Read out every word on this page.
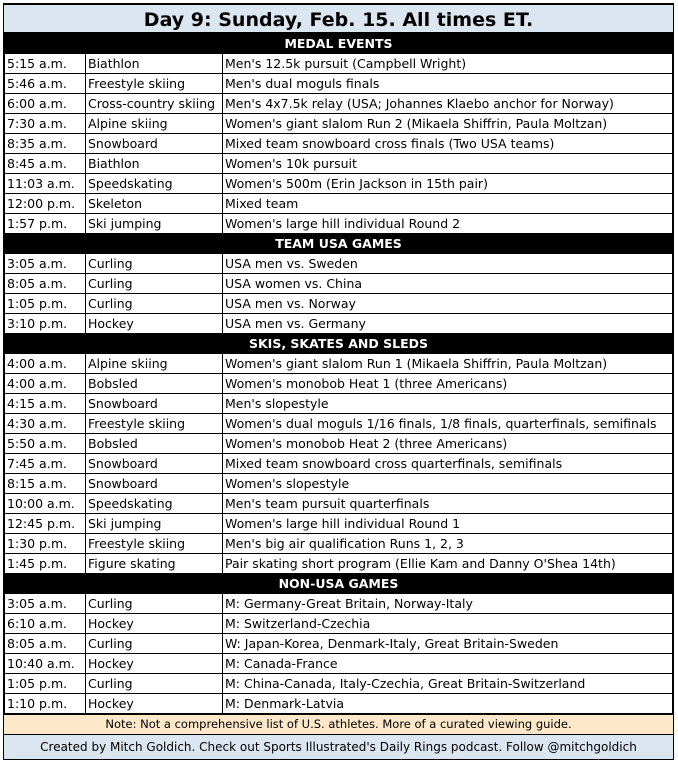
Day 9: Sunday, Feb. 15. All times ET.
MEDAL EVENTS		
5:15 a.m.	Biathlon	Men's 12.5k pursuit (Campbell Wright)
5:46 a.m.	Freestyle skiing	Men's dual moguls finals
6:00 a.m.	Cross-country skiing	Men's 4x7.5k relay (USA; Johannes Klaebo anchor for Norway)
7:30 a.m.	Alpine skiing	Women's giant slalom Run 2 (Mikaela Shiffrin, Paula Moltzan)
8:35 a.m.	Snowboard	Mixed team snowboard cross finals (Two USA teams)
8:45 a.m.	Biathlon	Women's 10k pursuit
11:03 a.m.	Speedskating	Women's 500m (Erin Jackson in 15th pair)
12:00 p.m.	Skeleton	Mixed team
1:57 p.m.	Ski jumping	Women's large hill individual Round 2
TEAM USA GAMES		
3:05 a.m.	Curling	USA men vs. Sweden
8:05 a.m.	Curling	USA women vs. China
1:05 p.m.	Curling	USA men vs. Norway
3:10 p.m.	Hockey	USA men vs. Germany
SKIS, SKATES AND SLEDS		
4:00 a.m.	Alpine skiing	Women's giant slalom Run 1 (Mikaela Shiffrin, Paula Moltzan)
4:00 a.m.	Bobsled	Women's monobob Heat 1 (three Americans)
4:15 a.m.	Snowboard	Men's slopestyle
4:30 a.m.	Freestyle skiing	Women's dual moguls 1/16 finals, 1/8 finals, quarterfinals, semifinals
5:50 a.m.	Bobsled	Women's monobob Heat 2 (three Americans)
7:45 a.m.	Snowboard	Mixed team snowboard cross quarterfinals, semifinals
8:15 a.m.	Snowboard	Women's slopestyle
10:00 a.m.	Speedskating	Men's team pursuit quarterfinals
12:45 p.m.	Ski jumping	Women's large hill individual Round 1
1:30 p.m.	Freestyle skiing	Men's big air qualification Runs 1, 2, 3
1:45 p.m.	Figure skating	Pair skating short program (Ellie Kam and Danny O'Shea 14th)
NON-USA GAMES		
3:05 a.m.	Curling	M: Germany-Great Britain, Norway-Italy
6:10 a.m.	Hockey	M: Switzerland-Czechia
8:05 a.m.	Curling	W: Japan-Korea, Denmark-Italy, Great Britain-Sweden
10:40 a.m.	Hockey	M: Canada-France
1:05 p.m.	Curling	M: China-Canada, Italy-Czechia, Great Britain-Switzerland
1:10 p.m.	Hockey	M: Denmark-Latvia
Note: Not a comprehensive list of U.S. athletes. More of a curated viewing guide.
Created by Mitch Goldich. Check out Sports Illustrated's Daily Rings podcast. Follow @mitchgoldich
